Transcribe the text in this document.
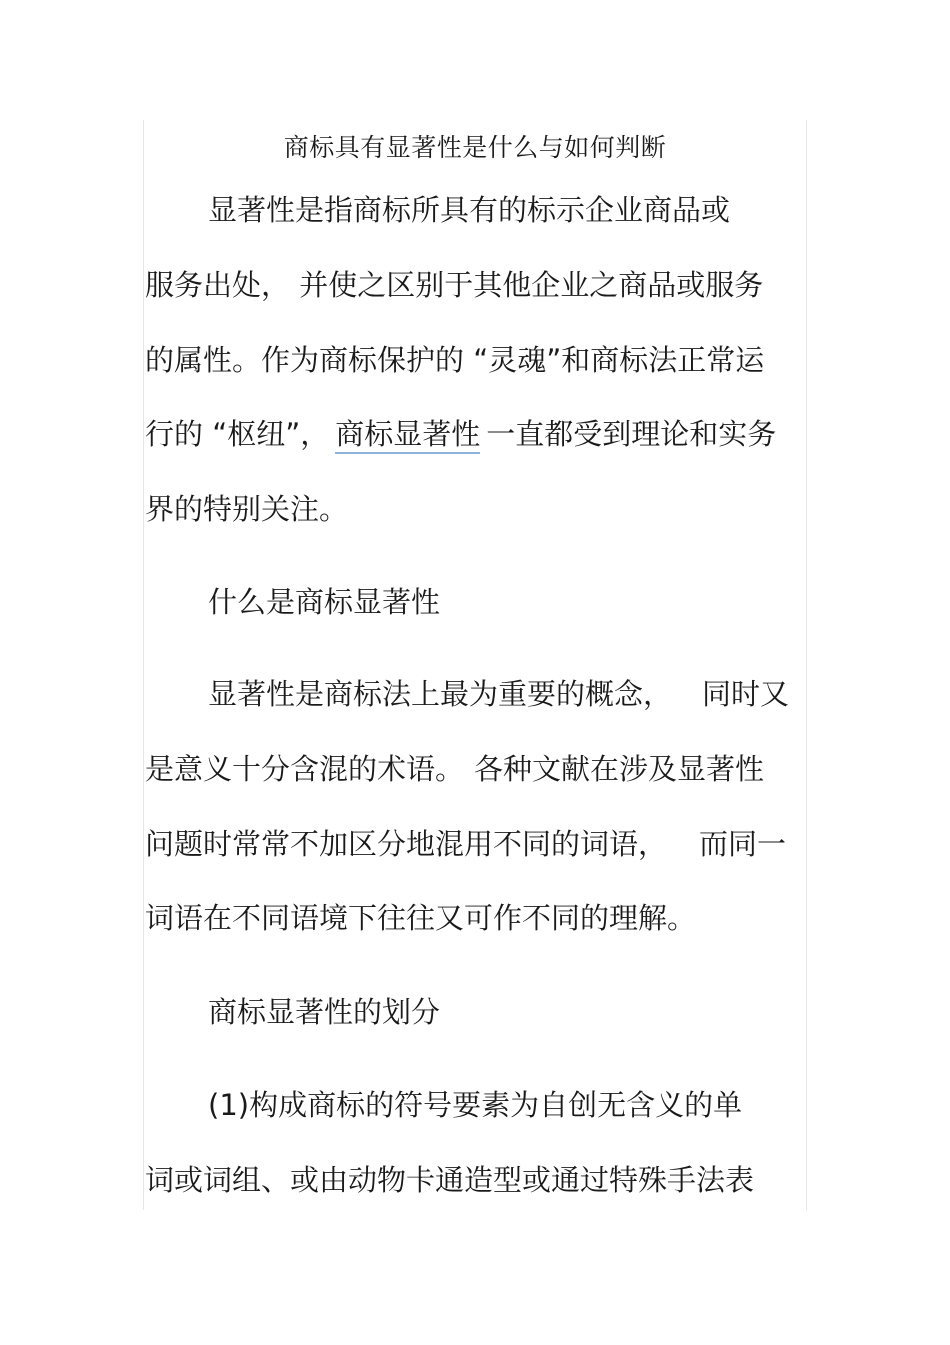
商标具有显著性是什么与如何判断

显著性是指商标所具有的标示企业商品或

服务出处， 并使之区别于其他企业之商品或服务

的属性。作为商标保护的 “灵魂”和商标法正常运

行的 “枢纽”， 商标显著性 一直都受到理论和实务

界的特别关注。

什么是商标显著性

显著性是商标法上最为重要的概念， 同时又

是意义十分含混的术语。 各种文献在涉及显著性

问题时常常不加区分地混用不同的词语， 而同一

词语在不同语境下往往又可作不同的理解。

商标显著性的划分

(1)构成商标的符号要素为自创无含义的单

词或词组、或由动物卡通造型或通过特殊手法表
